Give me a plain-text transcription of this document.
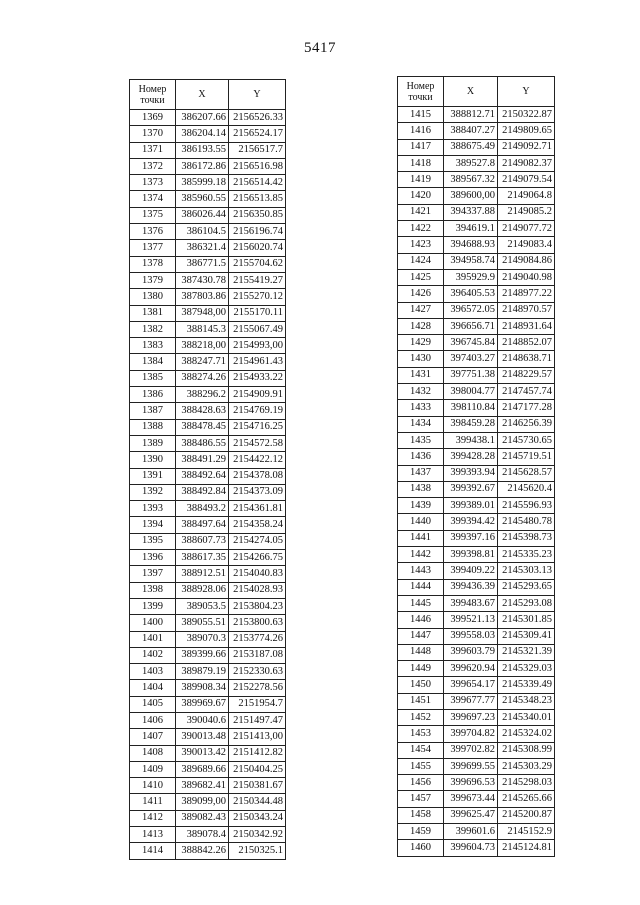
5417
Номер
точки	X	Y
1369	386207.66	2156526.33
1370	386204.14	2156524.17
1371	386193.55	2156517.7
1372	386172.86	2156516.98
1373	385999.18	2156514.42
1374	385960.55	2156513.85
1375	386026.44	2156350.85
1376	386104.5	2156196.74
1377	386321.4	2156020.74
1378	386771.5	2155704.62
1379	387430.78	2155419.27
1380	387803.86	2155270.12
1381	387948,00	2155170.11
1382	388145.3	2155067.49
1383	388218,00	2154993,00
1384	388247.71	2154961.43
1385	388274.26	2154933.22
1386	388296.2	2154909.91
1387	388428.63	2154769.19
1388	388478.45	2154716.25
1389	388486.55	2154572.58
1390	388491.29	2154422.12
1391	388492.64	2154378.08
1392	388492.84	2154373.09
1393	388493.2	2154361.81
1394	388497.64	2154358.24
1395	388607.73	2154274.05
1396	388617.35	2154266.75
1397	388912.51	2154040.83
1398	388928.06	2154028.93
1399	389053.5	2153804.23
1400	389055.51	2153800.63
1401	389070.3	2153774.26
1402	389399.66	2153187.08
1403	389879.19	2152330.63
1404	389908.34	2152278.56
1405	389969.67	2151954.7
1406	390040.6	2151497.47
1407	390013.48	2151413,00
1408	390013.42	2151412.82
1409	389689.66	2150404.25
1410	389682.41	2150381.67
1411	389099,00	2150344.48
1412	389082.43	2150343.24
1413	389078.4	2150342.92
1414	388842.26	2150325.1
Номер
точки	X	Y
1415	388812.71	2150322.87
1416	388407.27	2149809.65
1417	388675.49	2149092.71
1418	389527.8	2149082.37
1419	389567.32	2149079.54
1420	389600,00	2149064.8
1421	394337.88	2149085.2
1422	394619.1	2149077.72
1423	394688.93	2149083.4
1424	394958.74	2149084.86
1425	395929.9	2149040.98
1426	396405.53	2148977.22
1427	396572.05	2148970.57
1428	396656.71	2148931.64
1429	396745.84	2148852.07
1430	397403.27	2148638.71
1431	397751.38	2148229.57
1432	398004.77	2147457.74
1433	398110.84	2147177.28
1434	398459.28	2146256.39
1435	399438.1	2145730.65
1436	399428.28	2145719.51
1437	399393.94	2145628.57
1438	399392.67	2145620.4
1439	399389.01	2145596.93
1440	399394.42	2145480.78
1441	399397.16	2145398.73
1442	399398.81	2145335.23
1443	399409.22	2145303.13
1444	399436.39	2145293.65
1445	399483.67	2145293.08
1446	399521.13	2145301.85
1447	399558.03	2145309.41
1448	399603.79	2145321.39
1449	399620.94	2145329.03
1450	399654.17	2145339.49
1451	399677.77	2145348.23
1452	399697.23	2145340.01
1453	399704.82	2145324.02
1454	399702.82	2145308.99
1455	399699.55	2145303.29
1456	399696.53	2145298.03
1457	399673.44	2145265.66
1458	399625.47	2145200.87
1459	399601.6	2145152.9
1460	399604.73	2145124.81
